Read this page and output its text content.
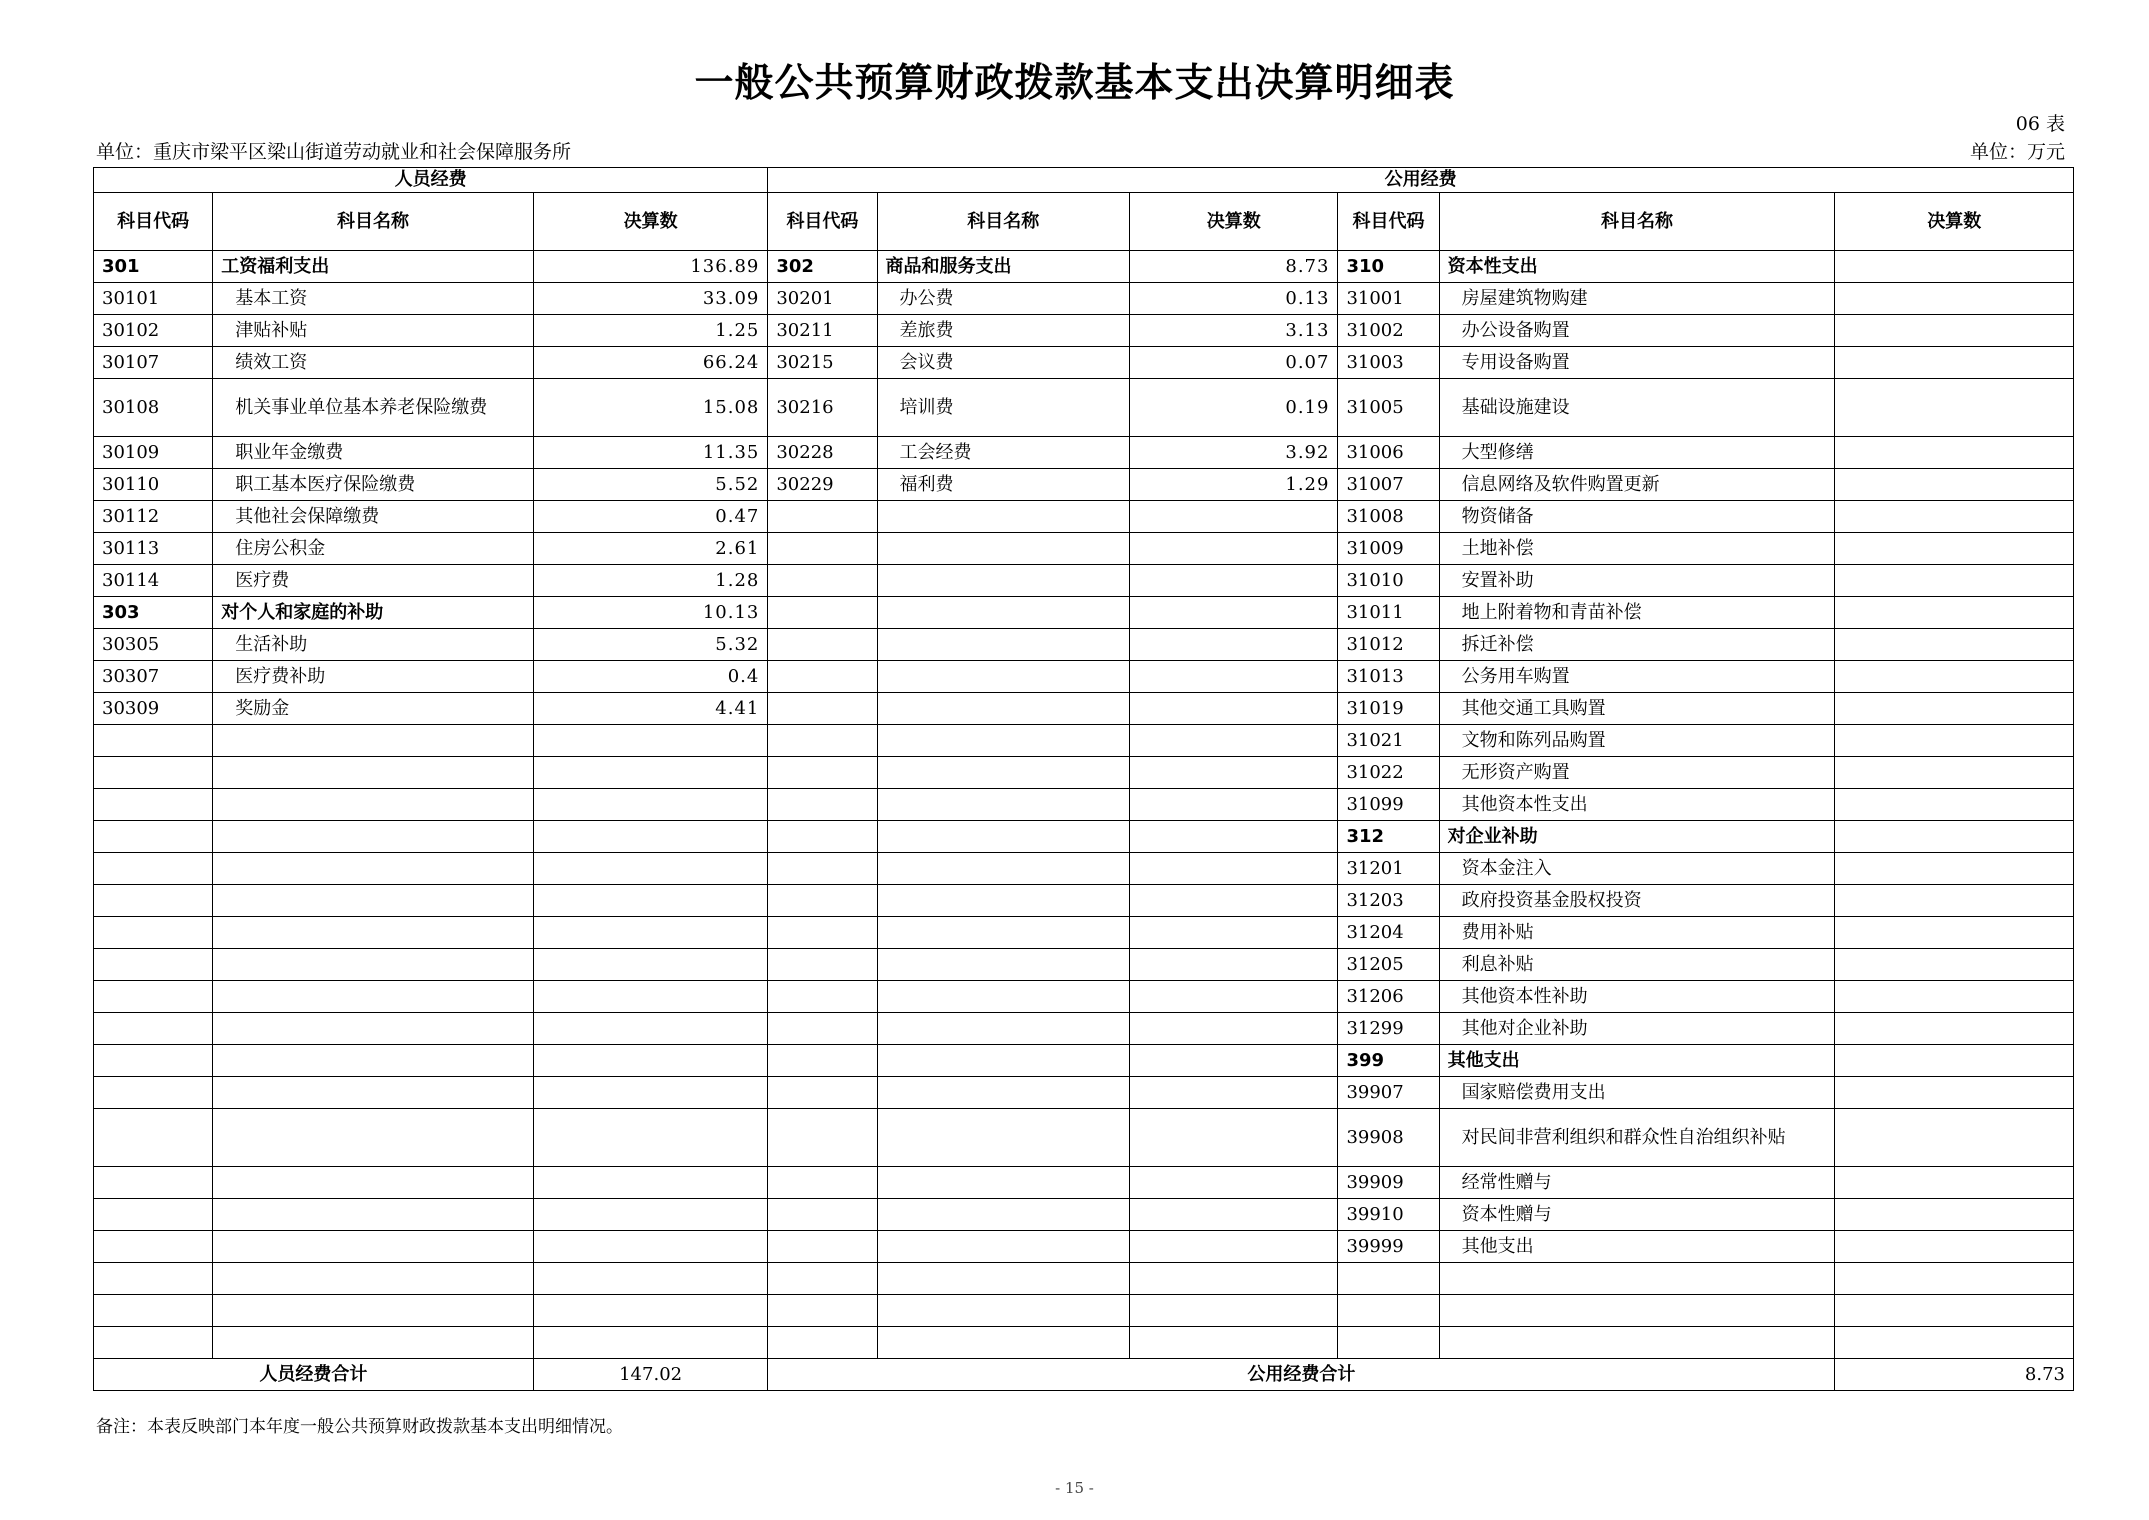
一般公共预算财政拨款基本支出决算明细表
06 表
单位：重庆市梁平区梁山街道劳动就业和社会保障服务所	单位：万元
人员经费			公用经费					
科目代码	科目名称	决算数	科目代码	科目名称	决算数	科目代码	科目名称	决算数
301	工资福利支出	136.89	302	商品和服务支出	8.73	310	资本性支出	
30101	基本工资	33.09	30201	办公费	0.13	31001	房屋建筑物购建	
30102	津贴补贴	1.25	30211	差旅费	3.13	31002	办公设备购置	
30107	绩效工资	66.24	30215	会议费	0.07	31003	专用设备购置	
30108	机关事业单位基本养老保险缴费	15.08	30216	培训费	0.19	31005	基础设施建设	
30109	职业年金缴费	11.35	30228	工会经费	3.92	31006	大型修缮	
30110	职工基本医疗保险缴费	5.52	30229	福利费	1.29	31007	信息网络及软件购置更新	
30112	其他社会保障缴费	0.47				31008	物资储备	
30113	住房公积金	2.61				31009	土地补偿	
30114	医疗费	1.28				31010	安置补助	
303	对个人和家庭的补助	10.13				31011	地上附着物和青苗补偿	
30305	生活补助	5.32				31012	拆迁补偿	
30307	医疗费补助	0.4				31013	公务用车购置	
30309	奖励金	4.41				31019	其他交通工具购置	
						31021	文物和陈列品购置	
						31022	无形资产购置	
						31099	其他资本性支出	
						312	对企业补助	
						31201	资本金注入	
						31203	政府投资基金股权投资	
						31204	费用补贴	
						31205	利息补贴	
						31206	其他资本性补助	
						31299	其他对企业补助	
						399	其他支出	
						39907	国家赔偿费用支出	
						39908	对民间非营利组织和群众性自治组织补贴	
						39909	经常性赠与	
						39910	资本性赠与	
						39999	其他支出	

人员经费合计		147.02	公用经费合计					8.73
备注：本表反映部门本年度一般公共预算财政拨款基本支出明细情况。
- 15 -
